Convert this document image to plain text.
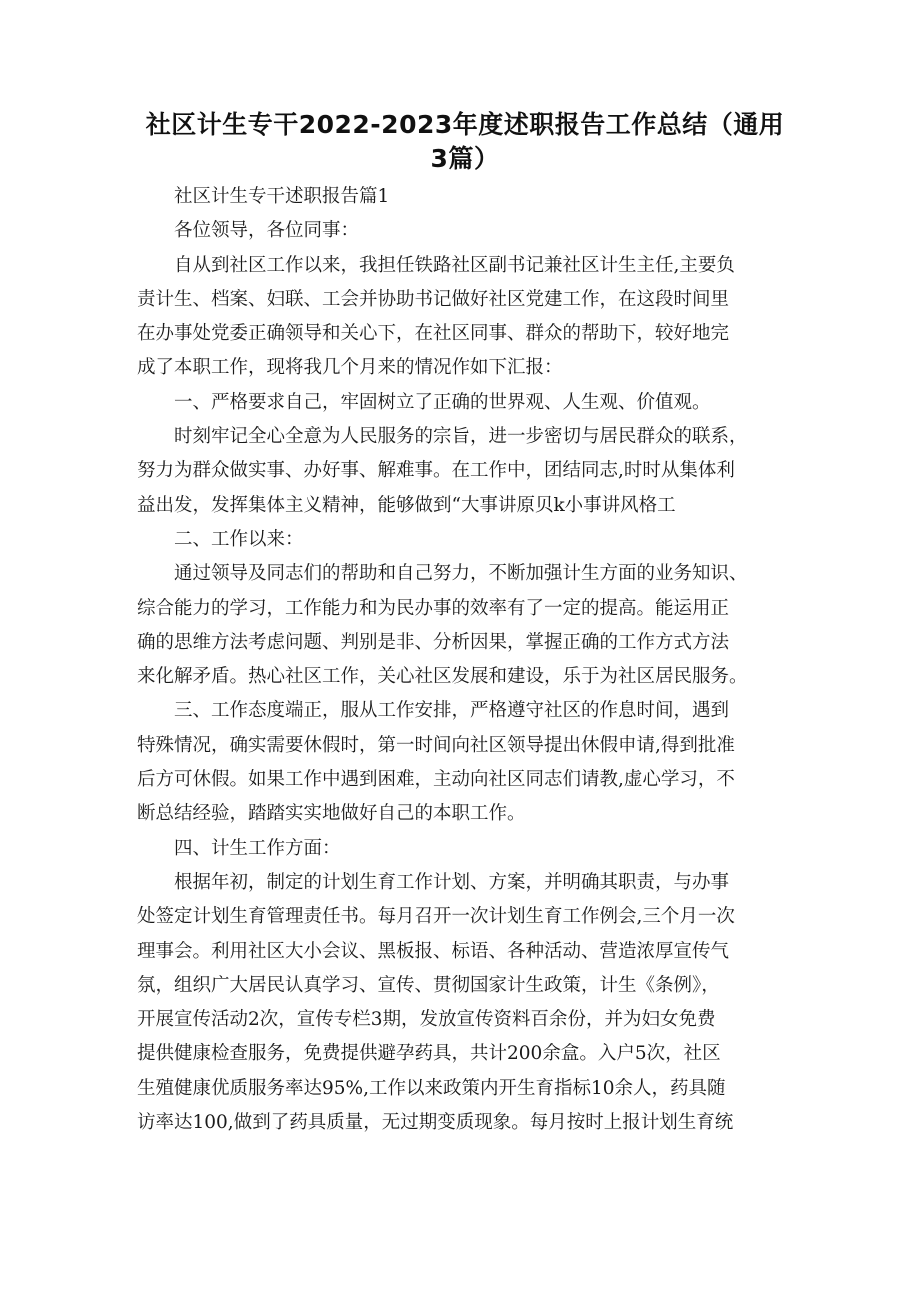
社区计生专干2022-2023年度述职报告工作总结（通用
3篇）
社区计生专干述职报告篇1
各位领导，各位同事：
自从到社区工作以来，我担任铁路社区副书记兼社区计生主任,主要负
责计生、档案、妇联、工会并协助书记做好社区党建工作，在这段时间里
在办事处党委正确领导和关心下，在社区同事、群众的帮助下，较好地完
成了本职工作，现将我几个月来的情况作如下汇报：
一、严格要求自己，牢固树立了正确的世界观、人生观、价值观。
时刻牢记全心全意为人民服务的宗旨，进一步密切与居民群众的联系，
努力为群众做实事、办好事、解难事。在工作中，团结同志,时时从集体利
益出发，发挥集体主义精神，能够做到“大事讲原贝k小事讲风格工
二、工作以来：
通过领导及同志们的帮助和自己努力，不断加强计生方面的业务知识、
综合能力的学习，工作能力和为民办事的效率有了一定的提高。能运用正
确的思维方法考虑问题、判别是非、分析因果，掌握正确的工作方式方法
来化解矛盾。热心社区工作，关心社区发展和建设，乐于为社区居民服务。
三、工作态度端正，服从工作安排，严格遵守社区的作息时间，遇到
特殊情况，确实需要休假时，第一时间向社区领导提出休假申请,得到批准
后方可休假。如果工作中遇到困难，主动向社区同志们请教,虚心学习，不
断总结经验，踏踏实实地做好自己的本职工作。
四、计生工作方面：
根据年初，制定的计划生育工作计划、方案，并明确其职责，与办事
处签定计划生育管理责任书。每月召开一次计划生育工作例会,三个月一次
理事会。利用社区大小会议、黑板报、标语、各种活动、营造浓厚宣传气
氛，组织广大居民认真学习、宣传、贯彻国家计生政策，计生《条例》，
开展宣传活动2次，宣传专栏3期，发放宣传资料百余份，并为妇女免费
提供健康检查服务，免费提供避孕药具，共计200余盒。入户5次，社区
生殖健康优质服务率达95%,工作以来政策内开生育指标10余人，药具随
访率达100,做到了药具质量，无过期变质现象。每月按时上报计划生育统
